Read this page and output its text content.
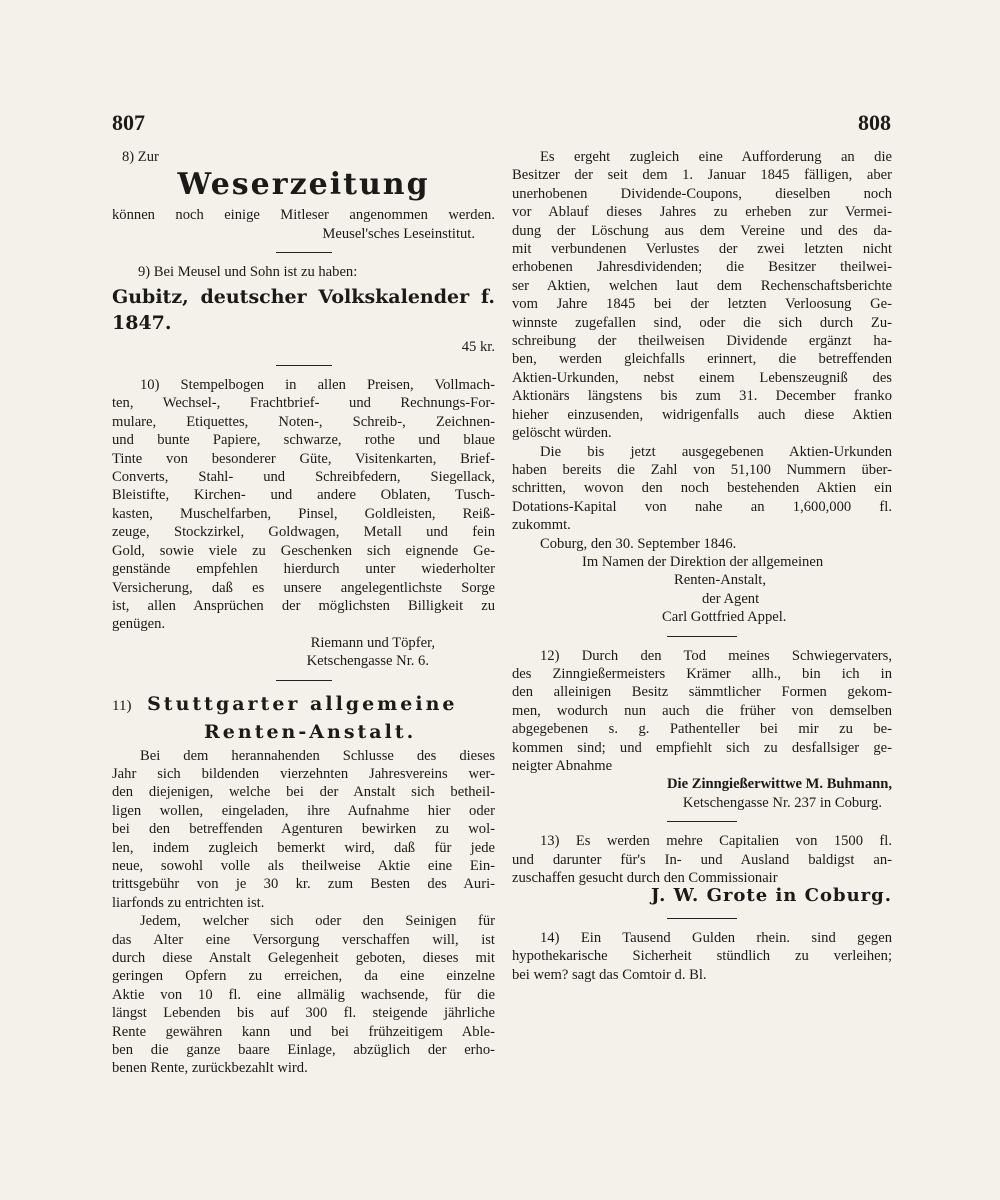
807	808
8) Zur
Weserzeitung
können noch einige Mitleser angenommen werden.
Meusel'sches Leseinstitut.
9) Bei Meusel und Sohn ist zu haben:
Gubitz, deutscher Volkskalender f. 1847.
45 kr.
10) Stempelbogen in allen Preisen, Vollmach-
ten, Wechsel-, Frachtbrief- und Rechnungs-For-
mulare, Etiquettes, Noten-, Schreib-, Zeichnen-
und bunte Papiere, schwarze, rothe und blaue
Tinte von besonderer Güte, Visitenkarten, Brief-
Converts, Stahl- und Schreibfedern, Siegellack,
Bleistifte, Kirchen- und andere Oblaten, Tusch-
kasten, Muschelfarben, Pinsel, Goldleisten, Reiß-
zeuge, Stockzirkel, Goldwagen, Metall und fein
Gold, sowie viele zu Geschenken sich eignende Ge-
genstände empfehlen hierdurch unter wiederholter
Versicherung, daß es unsere angelegentlichste Sorge
ist, allen Ansprüchen der möglichsten Billigkeit zu
genügen.
Riemann und Töpfer,
Ketschengasse Nr. 6.
11) Stuttgarter allgemeine
Renten-Anstalt.
Bei dem herannahenden Schlusse des dieses
Jahr sich bildenden vierzehnten Jahresvereins wer-
den diejenigen, welche bei der Anstalt sich betheil-
ligen wollen, eingeladen, ihre Aufnahme hier oder
bei den betreffenden Agenturen bewirken zu wol-
len, indem zugleich bemerkt wird, daß für jede
neue, sowohl volle als theilweise Aktie eine Ein-
trittsgebühr von je 30 kr. zum Besten des Auri-
liarfonds zu entrichten ist.
Jedem, welcher sich oder den Seinigen für
das Alter eine Versorgung verschaffen will, ist
durch diese Anstalt Gelegenheit geboten, dieses mit
geringen Opfern zu erreichen, da eine einzelne
Aktie von 10 fl. eine allmälig wachsende, für die
längst Lebenden bis auf 300 fl. steigende jährliche
Rente gewähren kann und bei frühzeitigem Able-
ben die ganze baare Einlage, abzüglich der erho-
benen Rente, zurückbezahlt wird.
Es ergeht zugleich eine Aufforderung an die
Besitzer der seit dem 1. Januar 1845 fälligen, aber
unerhobenen Dividende-Coupons, dieselben noch
vor Ablauf dieses Jahres zu erheben zur Vermei-
dung der Löschung aus dem Vereine und des da-
mit verbundenen Verlustes der zwei letzten nicht
erhobenen Jahresdividenden; die Besitzer theilwei-
ser Aktien, welchen laut dem Rechenschaftsberichte
vom Jahre 1845 bei der letzten Verloosung Ge-
winnste zugefallen sind, oder die sich durch Zu-
schreibung der theilweisen Dividende ergänzt ha-
ben, werden gleichfalls erinnert, die betreffenden
Aktien-Urkunden, nebst einem Lebenszeugniß des
Aktionärs längstens bis zum 31. December franko
hieher einzusenden, widrigenfalls auch diese Aktien
gelöscht würden.
Die bis jetzt ausgegebenen Aktien-Urkunden
haben bereits die Zahl von 51,100 Nummern über-
schritten, wovon den noch bestehenden Aktien ein
Dotations-Kapital von nahe an 1,600,000 fl.
zukommt.
Coburg, den 30. September 1846.
Im Namen der Direktion der allgemeinen
Renten-Anstalt,
der Agent
Carl Gottfried Appel.
12) Durch den Tod meines Schwiegervaters,
des Zinngießermeisters Krämer allh., bin ich in
den alleinigen Besitz sämmtlicher Formen gekom-
men, wodurch nun auch die früher von demselben
abgegebenen s. g. Pathenteller bei mir zu be-
kommen sind; und empfiehlt sich zu desfallsiger ge-
neigter Abnahme
Die Zinngießerwittwe M. Buhmann,
Ketschengasse Nr. 237 in Coburg.
13) Es werden mehre Capitalien von 1500 fl.
und darunter für's In- und Ausland baldigst an-
zuschaffen gesucht durch den Commissionair
J. W. Grote in Coburg.
14) Ein Tausend Gulden rhein. sind gegen
hypothekarische Sicherheit stündlich zu verleihen;
bei wem? sagt das Comtoir d. Bl.
